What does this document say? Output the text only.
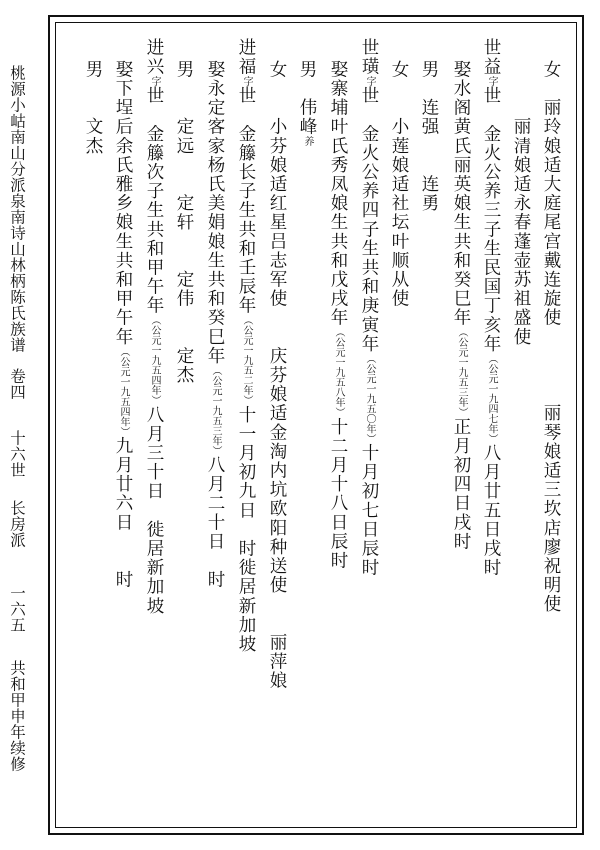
桃源小岵南山分派泉南诗山林柄陈氏族谱
卷四
十六世
长房派
一六五
共和甲申年续修
女　丽玲娘适大庭尾宫戴连旋使　　　　丽琴娘适三坎店廖祝明使
　　　丽清娘适永春蓬壶苏祖盛使
世益字世　金火公养三子生民国丁亥年（公元一九四七年）八月廿五日戌时
娶水阁黄氏丽英娘生共和癸巳年（公元一九五三年）正月初四日戌时
男　连强　　连勇
女　　小莲娘适社坛叶顺从使
世璜字世　金火公养四子生共和庚寅年（公元一九五〇年）十月初七日辰时
娶寨埔叶氏秀凤娘生共和戊戌年（公元一九五八年）十二月十八日辰时
男　伟峰养
女　　小芬娘适红星吕志军使　　庆芬娘适金淘内坑欧阳种送使　　丽萍娘
进福字世　金籐长子生共和壬辰年（公元一九五二年）十一月初九日　时徙居新加坡
娶永定客家杨氏美娟娘生共和癸巳年（公元一九五三年）八月二十日　时
男　　定远　　定轩　　定伟　　定杰
进兴字世　金籐次子生共和甲午年（公元一九五四年）八月三十日　徙居新加坡
娶下埕后余氏雅乡娘生共和甲午年（公元一九五四年）九月廿六日　　时
男　　文杰
